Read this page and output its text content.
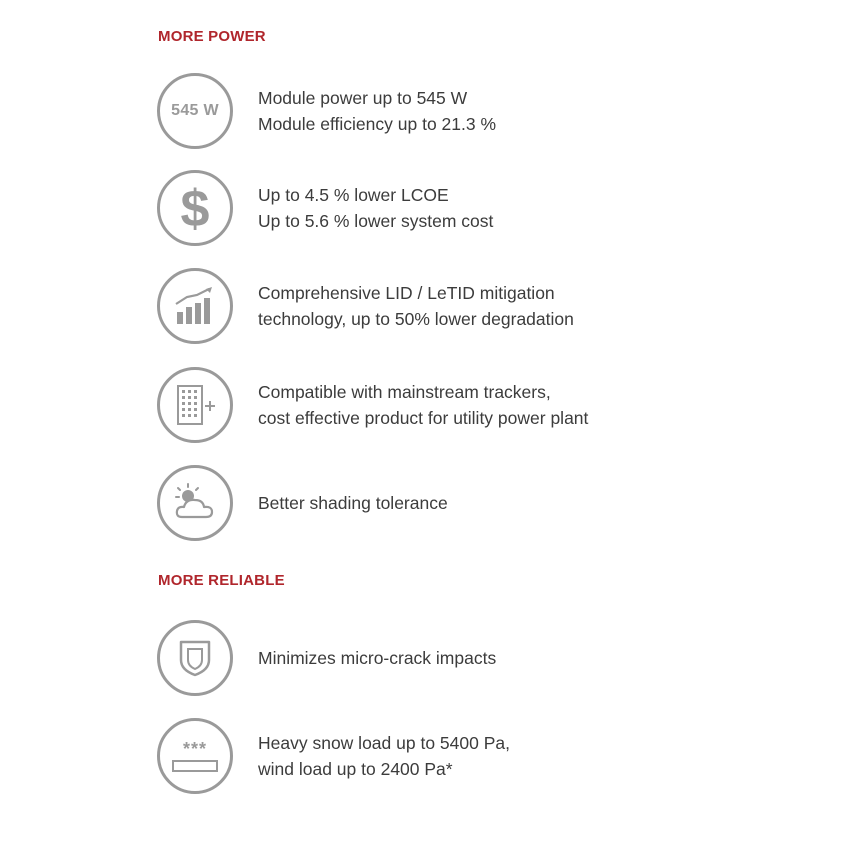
MORE POWER
545 W
Module power up to 545 W
Module efficiency up to 21.3 %
$	Up to 4.5 % lower LCOE
Up to 5.6 % lower system cost
Comprehensive LID / LeTID mitigation
technology, up to 50% lower degradation
Compatible with mainstream trackers,
cost effective product for utility power plant
Better shading tolerance
MORE RELIABLE
Minimizes micro-crack impacts
***	Heavy snow load up to 5400 Pa,
wind load up to 2400 Pa*
